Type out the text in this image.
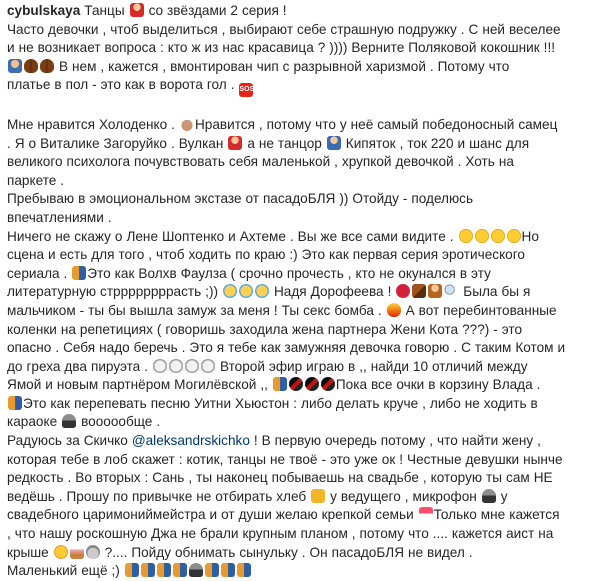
cybulskaya Танцы  со звёздами 2 серия !

Часто девочки , чтоб выделиться , выбирают себе страшную подружку . С ней веселее

и не возникает вопроса : кто ж из нас красавица ? )))) Верните Поляковой кокошник !!!

В нем , кажется , вмонтирован чип с разрывной харизмой . Потому что

платье в пол - это как в ворота гол . SOS

Мне нравится Холоденко . Нравится , потому что у неё самый победоносный самец

. Я о Виталике Загоруйко . Вулкан  а не танцор  Кипяток , ток 220 и шанс для

великого психолога почувствовать себя маленькой , хрупкой девочкой . Хоть на

паркете .

Пребываю в эмоциональном экстазе от пасадоБЛЯ )) Отойду - поделюсь

впечатлениями .

Ничего не скажу о Лене Шоптенко и Ахтеме . Вы же все сами видите .	Но

сцена и есть для того , чтоб ходить по краю :) Это как первая серия эротического

сериала . Это как Волхв Фаулза ( срочно прочесть , кто не окунался в эту

литературную стррррррррасть ;))	Надя Дорофеева !	Была бы я

мальчиком - ты бы вышла замуж за меня ! Ты секс бомба .  А вот перебинтованные

коленки на репетициях ( говоришь заходила жена партнера Жени Кота ???) - это

опасно . Себя надо беречь . Это я тебе как замужняя девочка говорю . С таким Котом и

до греха два пируэта .	Второй эфир играю в ,, найди 10 отличий между

Ямой и новым партнёром Могилёвской ,,	Пока все очки в корзину Влада .

Это как перепевать песню Уитни Хьюстон : либо делать круче , либо не ходить в

караоке  воооообще .

Радуюсь за Скичко @aleksandrskichko ! В первую очередь потому , что найти жену ,

которая тебе в лоб скажет : котик, танцы не твоё - это уже ок ! Честные девушки нынче

редкость . Во вторых : Сань , ты наконец побываешь на свадьбе , которую ты сам НЕ

ведёшь . Прошу по привычке не отбирать хлеб  у ведущего , микрофон  у

свадебного царимониймейстра и от души желаю крепкой семьи Только мне кажется

, что нашу роскошную Джа не брали крупным планом , потому что .... кажется аист на

крыше	?.... Пойду обнимать сынульку . Он пасадоБЛЯ не видел .

Маленький ещё ;)
